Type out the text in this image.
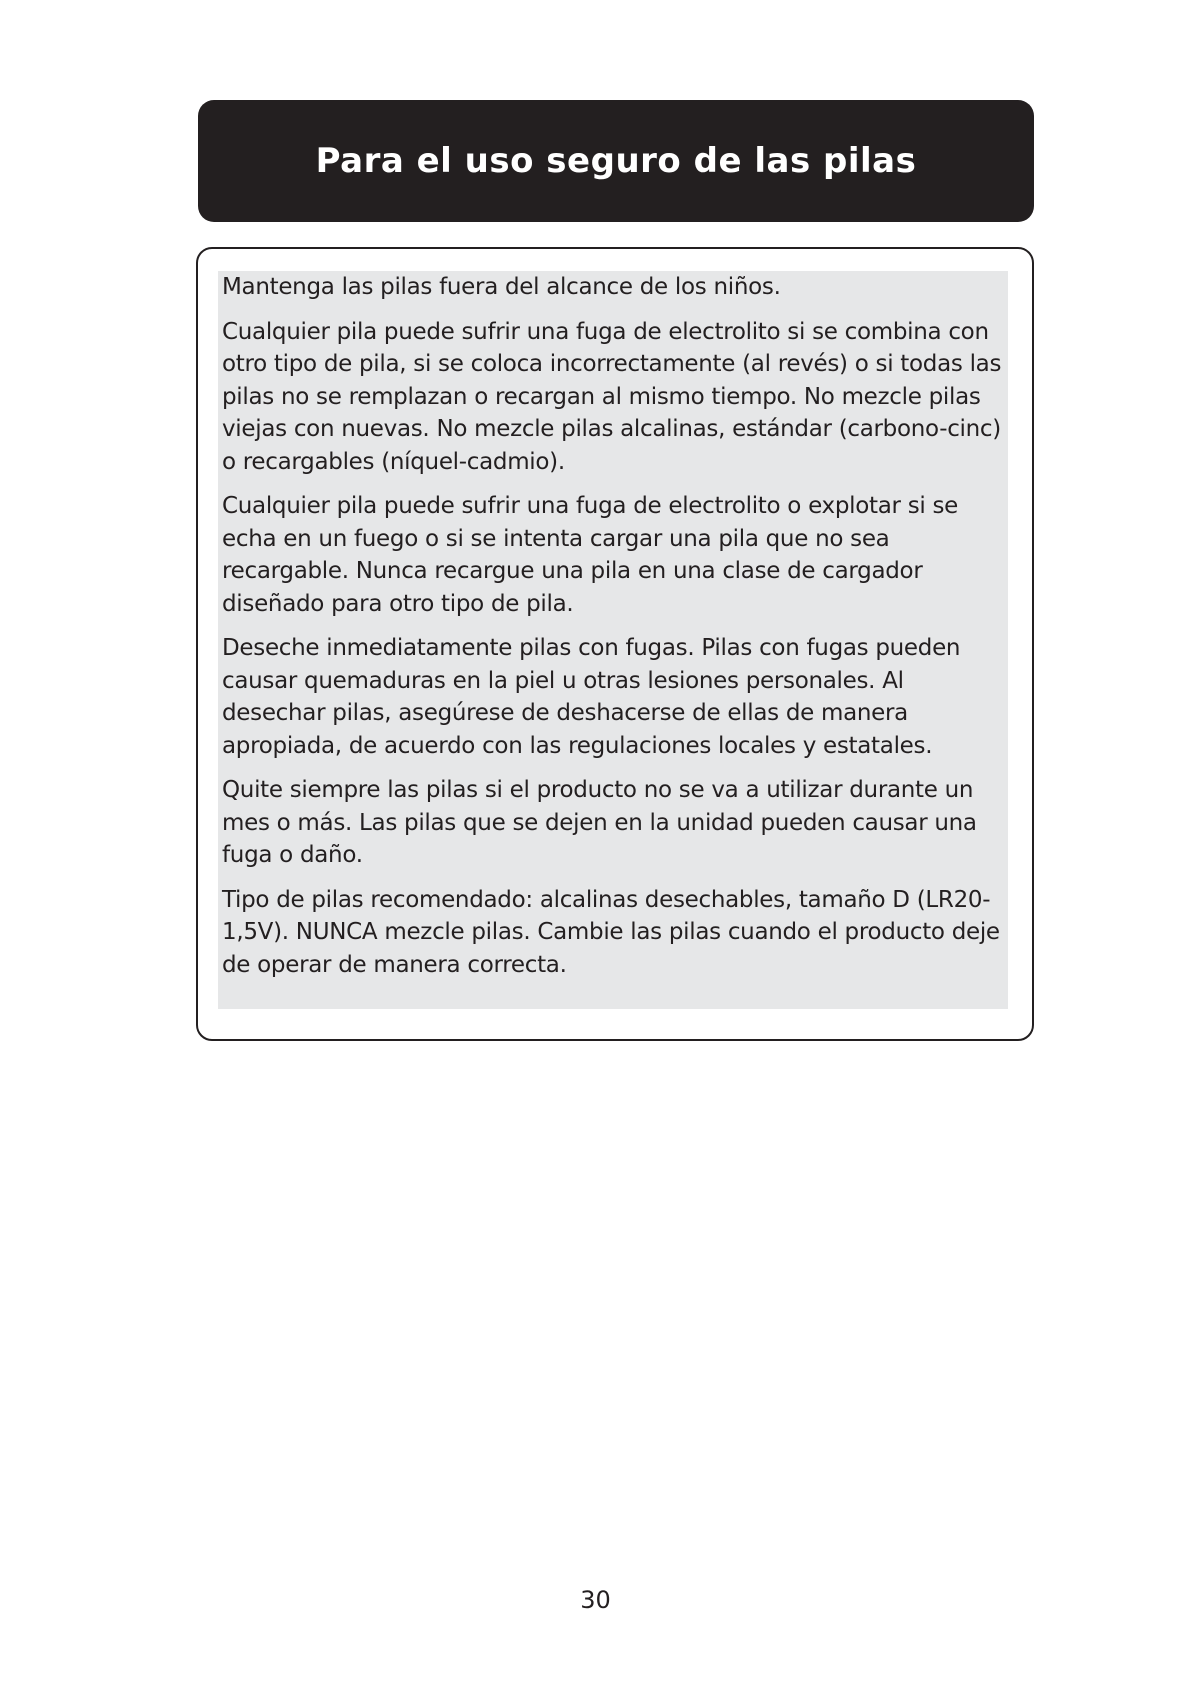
Para el uso seguro de las pilas

Mantenga las pilas fuera del alcance de los niños.

Cualquier pila puede sufrir una fuga de electrolito si se combina con otro tipo de pila, si se coloca incorrectamente (al revés) o si todas las pilas no se remplazan o recargan al mismo tiempo. No mezcle pilas viejas con nuevas. No mezcle pilas alcalinas, estándar (carbono-cinc) o recargables (níquel-cadmio).

Cualquier pila puede sufrir una fuga de electrolito o explotar si se echa en un fuego o si se intenta cargar una pila que no sea recargable. Nunca recargue una pila en una clase de cargador diseñado para otro tipo de pila.

Deseche inmediatamente pilas con fugas. Pilas con fugas pueden causar quemaduras en la piel u otras lesiones personales. Al desechar pilas, asegúrese de deshacerse de ellas de manera apropiada, de acuerdo con las regulaciones locales y estatales.

Quite siempre las pilas si el producto no se va a utilizar durante un mes o más. Las pilas que se dejen en la unidad pueden causar una fuga o daño.

Tipo de pilas recomendado: alcalinas desechables, tamaño D (LR20-1,5V). NUNCA mezcle pilas. Cambie las pilas cuando el producto deje de operar de manera correcta.

30
